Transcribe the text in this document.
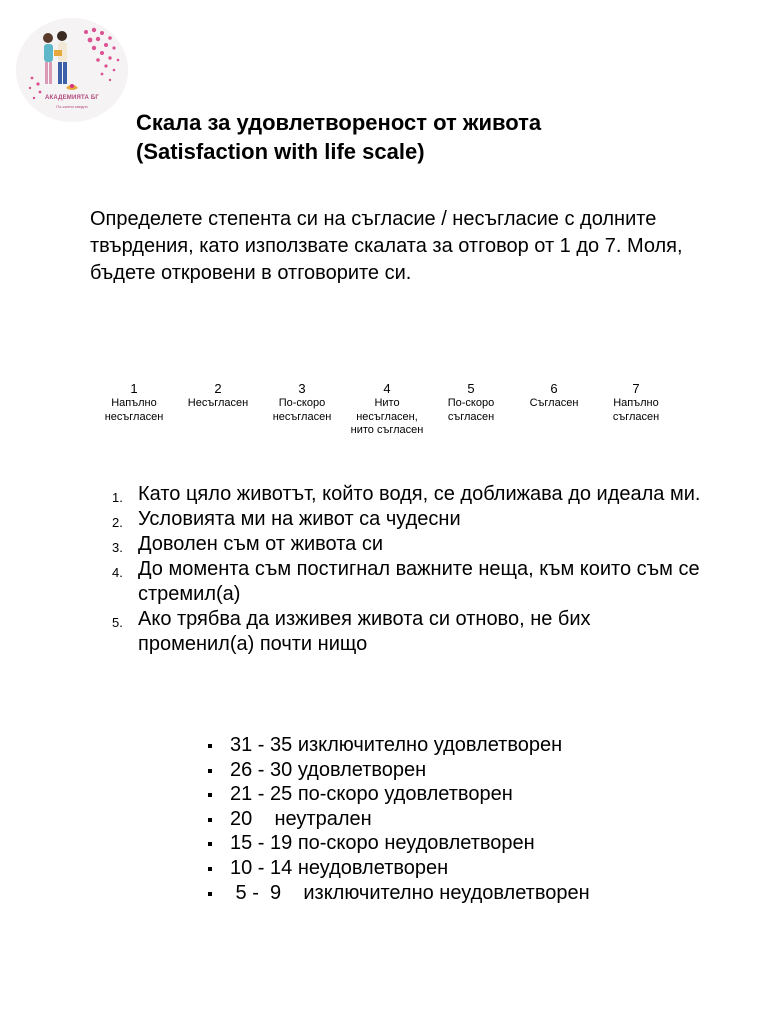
АКАДЕМИЯТА БГ
По-силни заедно
Скала за удовлетвореност от живота
(Satisfaction with life scale)
Определете степента си на съгласие / несъгласие с долните твърдения, като използвате скалата за отговор от 1 до 7. Моля, бъдете откровени в отговорите си.
1
Напълно несъгласен
2
Несъгласен
3
По-скоро несъгласен
4
Нито несъгласен, нито съгласен
5
По-скоро съгласен
6
Съгласен
7
Напълно съгласен
1. Като цяло животът, който водя, се доближава до идеала ми.
2. Условията ми на живот са чудесни
3. Доволен съм от живота си
4. До момента съм постигнал важните неща, към които съм се стремил(а)
5. Ако трябва да изживея живота си отново, не бих променил(а) почти нищо
31 - 35 изключително удовлетворен
26 - 30 удовлетворен
21 - 25 по-скоро удовлетворен
20    неутрален
15 - 19 по-скоро неудовлетворен
10 - 14 неудовлетворен
5 -  9    изключително неудовлетворен
